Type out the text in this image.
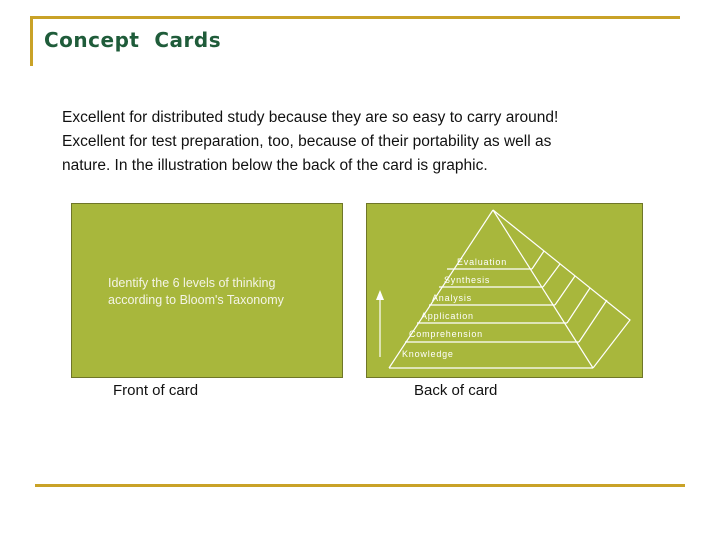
Concept  Cards

Excellent for distributed study because they are so easy to carry around!

Excellent for test preparation, too, because of their portability as well as

nature. In the illustration below the back of the card is graphic.

Identify the 6 levels of thinking
according to Bloom's Taxonomy
Evaluation
Synthesis
Analysis
Application
Comprehension
Knowledge
Front of card	Back of card
